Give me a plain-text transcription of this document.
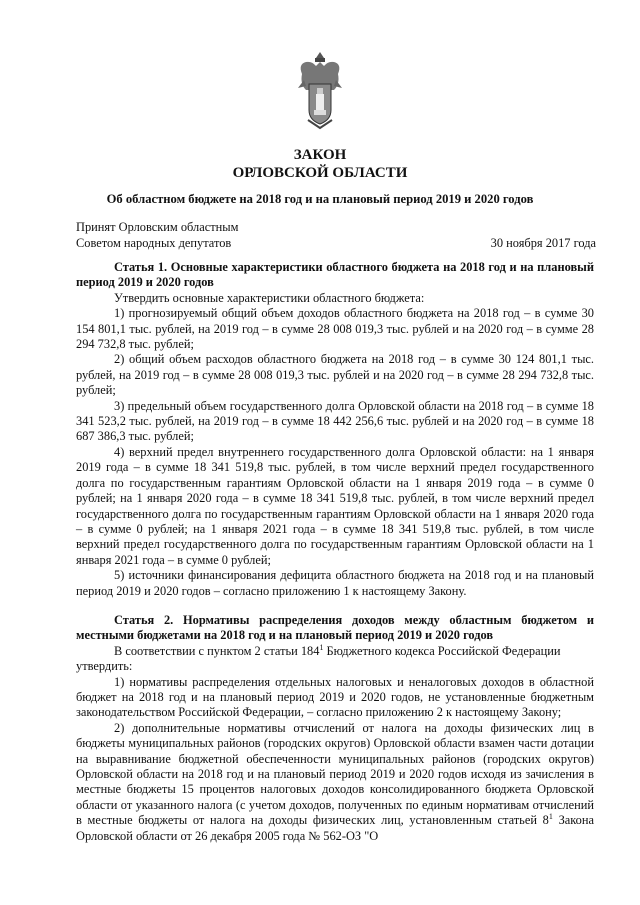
ЗАКОН
ОРЛОВСКОЙ ОБЛАСТИ
Об областном бюджете на 2018 год и на плановый период 2019 и 2020 годов
Принят Орловским областным
Советом народных депутатов	30 ноября 2017 года

Статья 1. Основные характеристики областного бюджета на 2018 год и на плановый период 2019 и 2020 годов

Утвердить основные характеристики областного бюджета:

1) прогнозируемый общий объем доходов областного бюджета на 2018 год – в сумме 30 154 801,1 тыс. рублей, на 2019 год – в сумме 28 008 019,3 тыс. рублей и на 2020 год – в сумме 28 294 732,8 тыс. рублей;

2) общий объем расходов областного бюджета на 2018 год – в сумме 30 124 801,1 тыс. рублей, на 2019 год – в сумме 28 008 019,3 тыс. рублей и на 2020 год – в сумме 28 294 732,8 тыс. рублей;

3) предельный объем государственного долга Орловской области на 2018 год – в сумме 18 341 523,2 тыс. рублей, на 2019 год – в сумме 18 442 256,6 тыс. рублей и на 2020 год – в сумме 18 687 386,3 тыс. рублей;

4) верхний предел внутреннего государственного долга Орловской области: на 1 января 2019 года – в сумме 18 341 519,8 тыс. рублей, в том числе верхний предел государственного долга по государственным гарантиям Орловской области на 1 января 2019 года – в сумме 0 рублей; на 1 января 2020 года – в сумме 18 341 519,8 тыс. рублей, в том числе верхний предел государственного долга по государственным гарантиям Орловской области на 1 января 2020 года – в сумме 0 рублей; на 1 января 2021 года – в сумме 18 341 519,8 тыс. рублей, в том числе верхний предел государственного долга по государственным гарантиям Орловской области на 1 января 2021 года – в сумме 0 рублей;

5) источники финансирования дефицита областного бюджета на 2018 год и на плановый период 2019 и 2020 годов – согласно приложению 1 к настоящему Закону.

Статья 2. Нормативы распределения доходов между областным бюджетом и местными бюджетами на 2018 год и на плановый период 2019 и 2020 годов

В соответствии с пунктом 2 статьи $184^1$ Бюджетного кодекса Российской Федерации

утвердить:

1) нормативы распределения отдельных налоговых и неналоговых доходов в областной бюджет на 2018 год и на плановый период 2019 и 2020 годов, не установленные бюджетным законодательством Российской Федерации, – согласно приложению 2 к настоящему Закону;

2) дополнительные нормативы отчислений от налога на доходы физических лиц в бюджеты муниципальных районов (городских округов) Орловской области взамен части дотации на выравнивание бюджетной обеспеченности муниципальных районов (городских округов) Орловской области на 2018 год и на плановый период 2019 и 2020 годов исходя из зачисления в местные бюджеты 15 процентов налоговых доходов консолидированного бюджета Орловской области от указанного налога (с учетом доходов, полученных по единым нормативам отчислений в местные бюджеты от налога на доходы физических лиц, установленным статьей $8^1$ Закона Орловской области от 26 декабря 2005 года № 562-ОЗ "О
